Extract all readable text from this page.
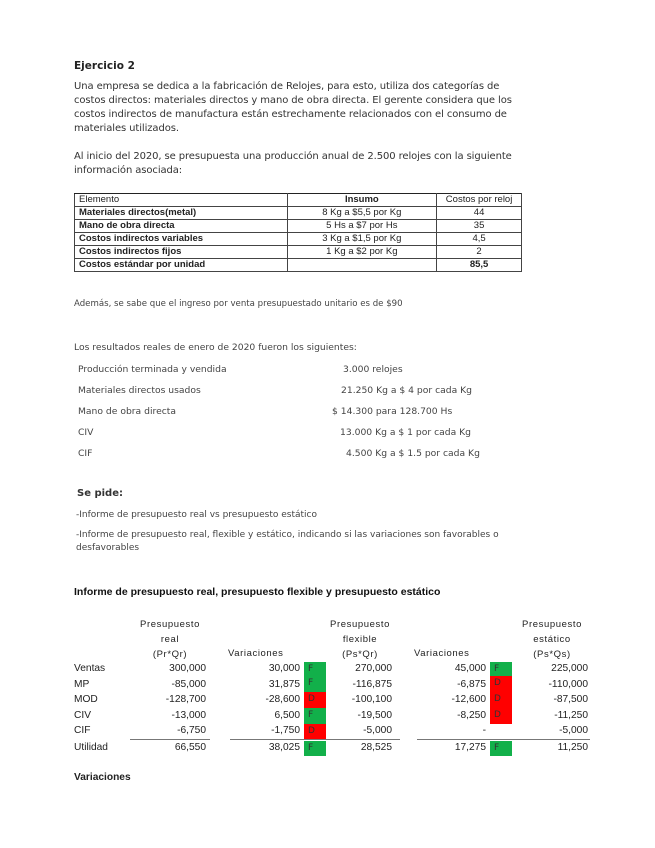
Ejercicio 2
Una empresa se dedica a la fabricación de Relojes, para esto, utiliza dos categorías de
costos directos: materiales directos y mano de obra directa. El gerente considera que los
costos indirectos de manufactura están estrechamente relacionados con el consumo de
materiales utilizados.
Al inicio del 2020, se presupuesta una producción anual de 2.500 relojes con la siguiente
información asociada:
Elemento	Insumo	Costos por reloj
Materiales directos(metal)	8 Kg a $5,5 por Kg	44
Mano de obra directa	5 Hs a $7 por Hs	35
Costos indirectos variables	3 Kg a $1,5 por Kg	4,5
Costos indirectos fijos	1 Kg a $2 por Kg	2
Costos estándar por unidad		85,5
Además, se sabe que el ingreso por venta presupuestado unitario es de $90
Los resultados reales de enero de 2020 fueron los siguientes:
Producción terminada y vendida	3.000 relojes
Materiales directos usados	21.250 Kg a $ 4 por cada Kg
Mano de obra directa	$ 14.300 para 128.700 Hs
CIV	13.000 Kg a $ 1 por cada Kg
CIF	4.500 Kg a $ 1.5 por cada Kg
Se pide:
-Informe de presupuesto real vs presupuesto estático
-Informe de presupuesto real, flexible y estático, indicando si las variaciones son favorables o
desfavorables
Informe de presupuesto real, presupuesto flexible y presupuesto estático
Presupuesto
real
(Pr*Qr)	Variaciones
Presupuesto
flexible
(Ps*Qr)	Variaciones
Presupuesto
estático
(Ps*Qs)
Ventas	300,000	30,000 F	270,000	45,000 F	225,000
MP	-85,000	31,875 F	-116,875	-6,875 D	-110,000
MOD	-128,700	-28,600 D	-100,100	-12,600 D	-87,500
CIV	-13,000	6,500 F	-19,500	-8,250 D	-11,250
CIF	-6,750	-1,750 D	-5,000	-	-5,000
Utilidad	66,550	38,025 F	28,525	17,275 F	11,250
Variaciones
